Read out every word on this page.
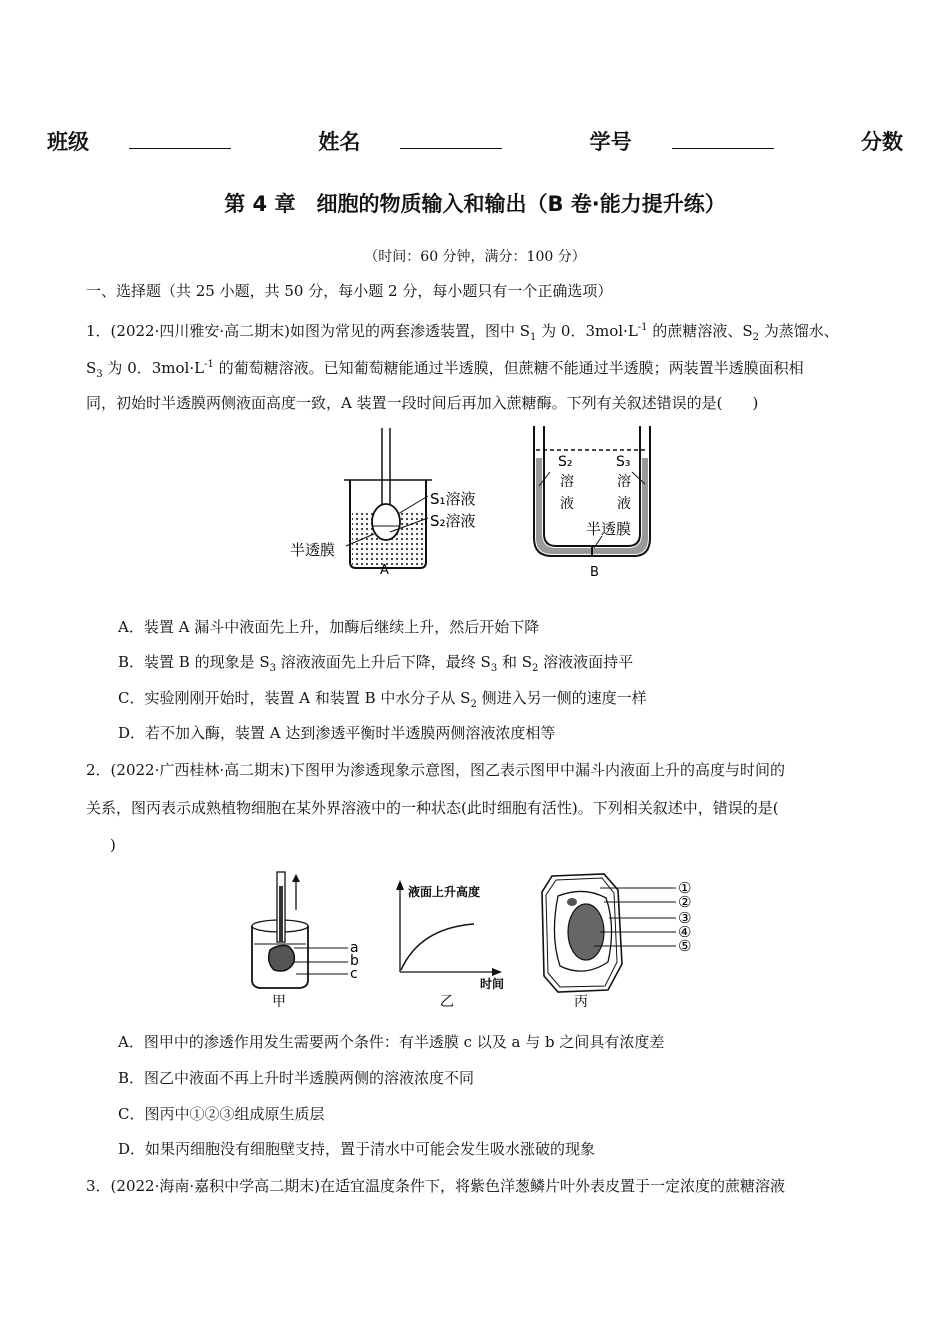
班级	姓名	学号	分数
第 4 章　细胞的物质输入和输出（B 卷·能力提升练）
（时间：60 分钟，满分：100 分）
一、选择题（共 25 小题，共 50 分，每小题 2 分，每小题只有一个正确选项）
1．(2022·四川雅安·高二期末)如图为常见的两套渗透装置，图中 $S_1$ 为 0．$3mol\cdot L^{-1}$ 的蔗糖溶液、$S_2$ 为蒸馏水、
$S_3$ 为 0．$3mol\cdot L^{-1}$ 的葡萄糖溶液。已知葡萄糖能通过半透膜，但蔗糖不能通过半透膜；两装置半透膜面积相
同，初始时半透膜两侧液面高度一致，A 装置一段时间后再加入蔗糖酶。下列有关叙述错误的是(　　)
S₁溶液
S₂溶液
半透膜
A
S₂
溶
液
S₃
溶
液
半透膜
B
A．装置 A 漏斗中液面先上升，加酶后继续上升，然后开始下降
B．装置 B 的现象是 $S_3$ 溶液液面先上升后下降，最终 $S_3$ 和 $S_2$ 溶液液面持平
C．实验刚刚开始时，装置 A 和装置 B 中水分子从 $S_2$ 侧进入另一侧的速度一样
D．若不加入酶，装置 A 达到渗透平衡时半透膜两侧溶液浓度相等
2．(2022·广西桂林·高二期末)下图甲为渗透现象示意图，图乙表示图甲中漏斗内液面上升的高度与时间的
关系，图丙表示成熟植物细胞在某外界溶液中的一种状态(此时细胞有活性)。下列相关叙述中，错误的是(
)
a
b
c
甲
液面上升高度
时间
乙
①
②
③
④
⑤
丙
A．图甲中的渗透作用发生需要两个条件：有半透膜 c 以及 a 与 b 之间具有浓度差
B．图乙中液面不再上升时半透膜两侧的溶液浓度不同
C．图丙中①②③组成原生质层
D．如果丙细胞没有细胞壁支持，置于清水中可能会发生吸水涨破的现象
3．(2022·海南·嘉积中学高二期末)在适宜温度条件下，将紫色洋葱鳞片叶外表皮置于一定浓度的蔗糖溶液
